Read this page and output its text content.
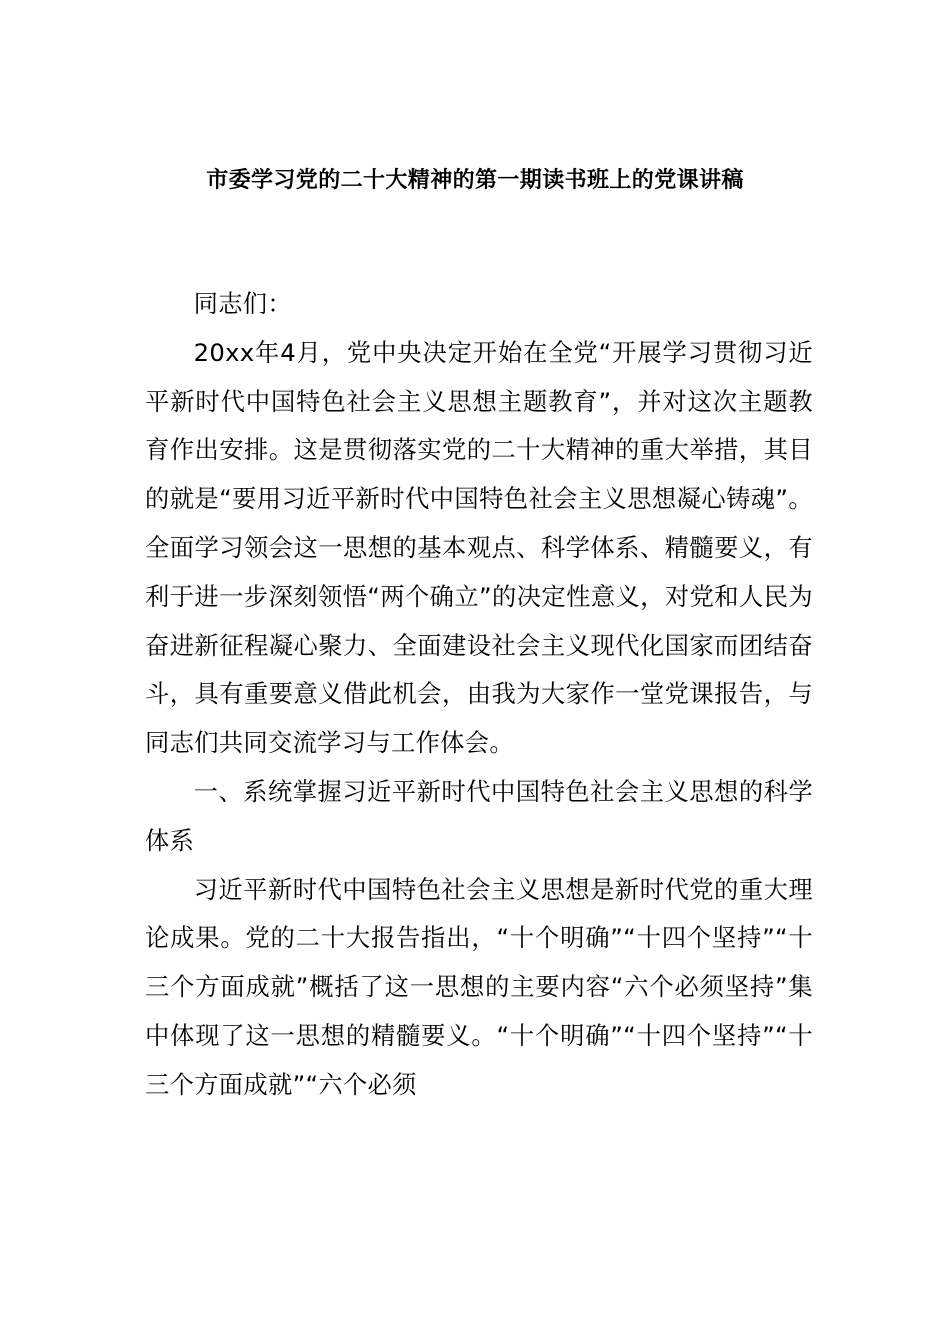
市委学习党的二十大精神的第一期读书班上的党课讲稿

同志们：

20xx年4月，党中央决定开始在全党“开展学习贯彻习近平新时代中国特色社会主义思想主题教育”，并对这次主题教育作出安排。这是贯彻落实党的二十大精神的重大举措，其目的就是“要用习近平新时代中国特色社会主义思想凝心铸魂”。全面学习领会这一思想的基本观点、科学体系、精髓要义，有利于进一步深刻领悟“两个确立”的决定性意义，对党和人民为奋进新征程凝心聚力、全面建设社会主义现代化国家而团结奋斗，具有重要意义借此机会，由我为大家作一堂党课报告，与同志们共同交流学习与工作体会。

一、系统掌握习近平新时代中国特色社会主义思想的科学体系

习近平新时代中国特色社会主义思想是新时代党的重大理论成果。党的二十大报告指出，“十个明确”“十四个坚持”“十三个方面成就”概括了这一思想的主要内容“六个必须坚持”集中体现了这一思想的精髓要义。“十个明确”“十四个坚持”“十三个方面成就”“六个必须
